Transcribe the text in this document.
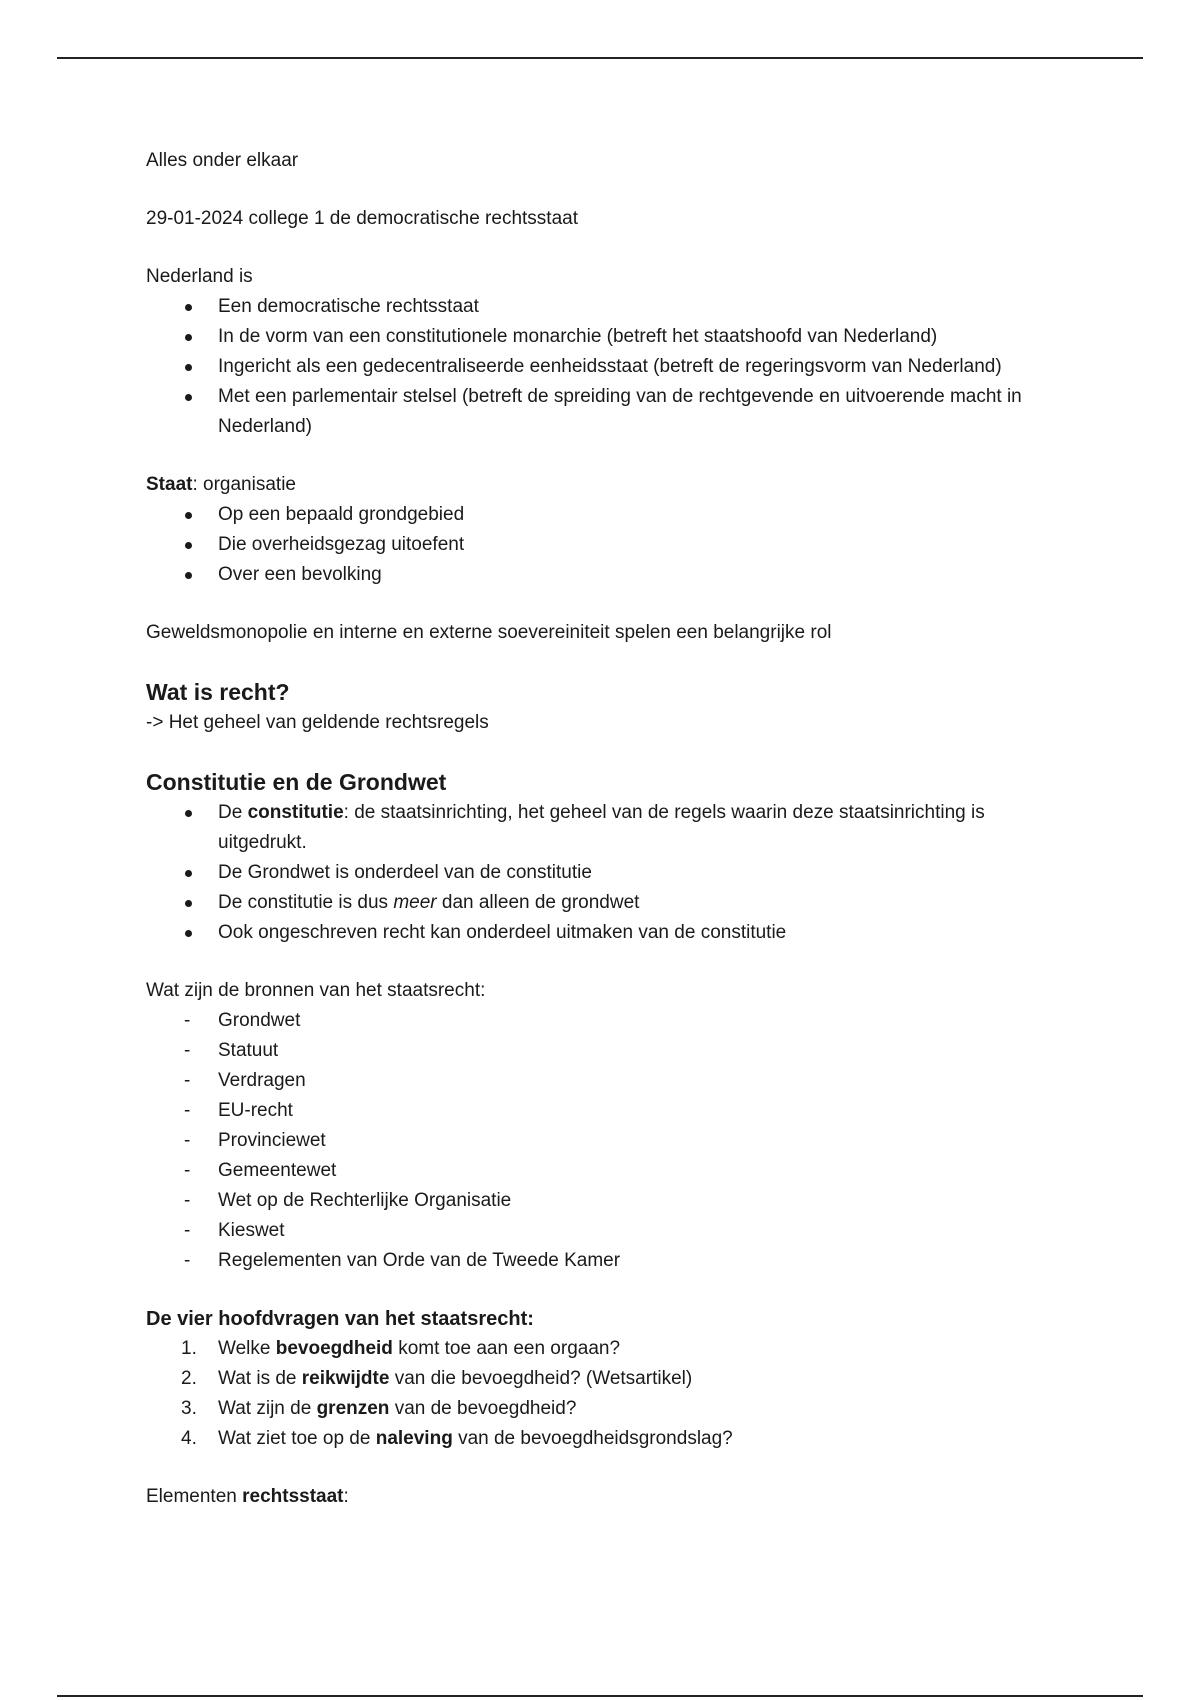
Alles onder elkaar

29-01-2024 college 1 de democratische rechtsstaat

Nederland is

Een democratische rechtsstaat
In de vorm van een constitutionele monarchie (betreft het staatshoofd van Nederland)
Ingericht als een gedecentraliseerde eenheidsstaat (betreft de regeringsvorm van Nederland)
Met een parlementair stelsel (betreft de spreiding van de rechtgevende en uitvoerende macht in Nederland)

Staat: organisatie

Op een bepaald grondgebied
Die overheidsgezag uitoefent
Over een bevolking

Geweldsmonopolie en interne en externe soevereiniteit spelen een belangrijke rol

Wat is recht?

-> Het geheel van geldende rechtsregels

Constitutie en de Grondwet
De constitutie: de staatsinrichting, het geheel van de regels waarin deze staatsinrichting is uitgedrukt.
De Grondwet is onderdeel van de constitutie
De constitutie is dus meer dan alleen de grondwet
Ook ongeschreven recht kan onderdeel uitmaken van de constitutie

Wat zijn de bronnen van het staatsrecht:

- Grondwet
- Statuut
- Verdragen
- EU-recht
- Provinciewet
- Gemeentewet
- Wet op de Rechterlijke Organisatie
- Kieswet
- Regelementen van Orde van de Tweede Kamer
De vier hoofdvragen van het staatsrecht:
Welke bevoegdheid komt toe aan een orgaan?
Wat is de reikwijdte van die bevoegdheid? (Wetsartikel)
Wat zijn de grenzen van de bevoegdheid?
Wat ziet toe op de naleving van de bevoegdheidsgrondslag?

Elementen rechtsstaat:
